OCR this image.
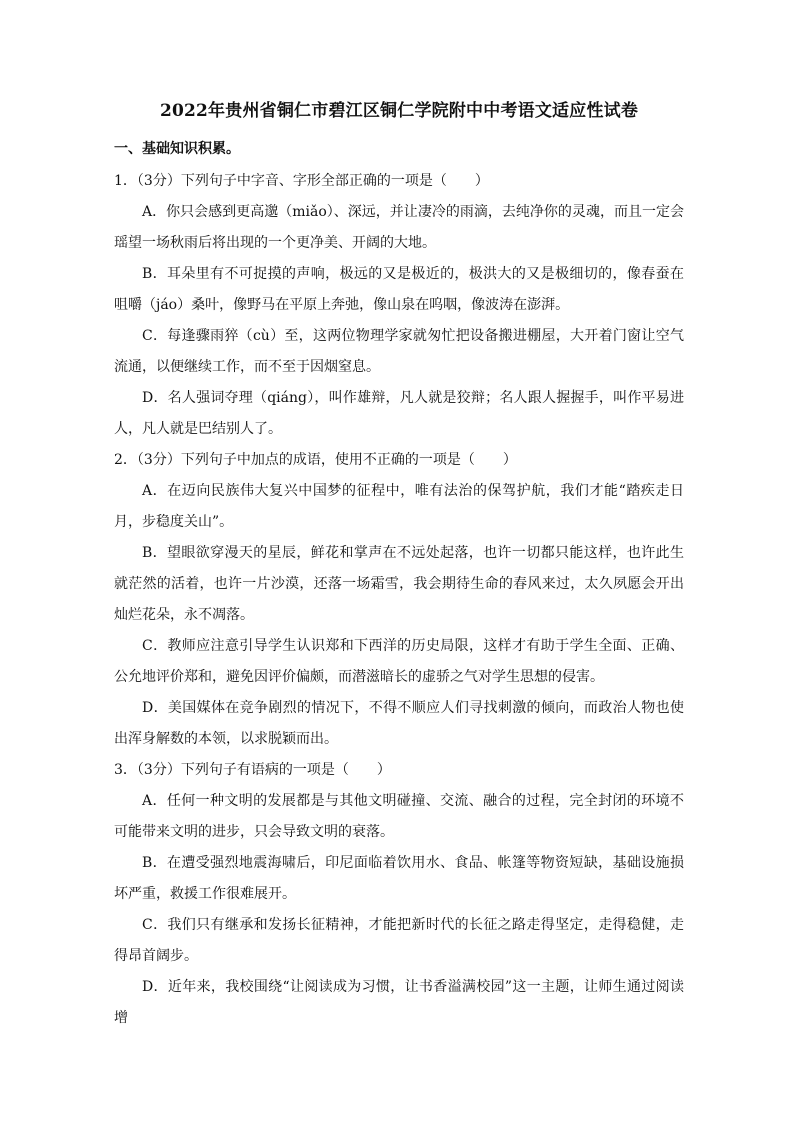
2022年贵州省铜仁市碧江区铜仁学院附中中考语文适应性试卷
一、基础知识积累。

1．（3分）下列句子中字音、字形全部正确的一项是（　　）

A．你只会感到更高邈（miǎo）、深远，并让凄冷的雨滴，去纯净你的灵魂，而且一定会瑶望一场秋雨后将出现的一个更净美、开阔的大地。

B．耳朵里有不可捉摸的声响，极远的又是极近的，极洪大的又是极细切的，像春蚕在咀嚼（jáo）桑叶，像野马在平原上奔弛，像山泉在呜咽，像波涛在澎湃。

C．每逢骤雨猝（cù）至，这两位物理学家就匆忙把设备搬进棚屋，大开着门窗让空气流通，以便继续工作，而不至于因烟窒息。

D．名人强词夺理（qiáng），叫作雄辩，凡人就是狡辩；名人跟人握握手，叫作平易进人，凡人就是巴结别人了。

2．（3分）下列句子中加点的成语，使用不正确的一项是（　　）

A．在迈向民族伟大复兴中国梦的征程中，唯有法治的保驾护航，我们才能“踏疾走日月，步稳度关山”。

B．望眼欲穿漫天的星辰，鲜花和掌声在不远处起落，也许一切都只能这样，也许此生就茫然的活着，也许一片沙漠，还落一场霜雪，我会期待生命的春风来过，太久夙愿会开出灿烂花朵，永不凋落。

C．教师应注意引导学生认识郑和下西洋的历史局限，这样才有助于学生全面、正确、公允地评价郑和，避免因评价偏颇，而潜滋暗长的虚骄之气对学生思想的侵害。

D．美国媒体在竞争剧烈的情况下，不得不顺应人们寻找刺激的倾向，而政治人物也使出浑身解数的本领，以求脱颖而出。

3．（3分）下列句子有语病的一项是（　　）

A．任何一种文明的发展都是与其他文明碰撞、交流、融合的过程，完全封闭的环境不可能带来文明的进步，只会导致文明的衰落。

B．在遭受强烈地震海啸后，印尼面临着饮用水、食品、帐篷等物资短缺，基础设施损坏严重，救援工作很难展开。

C．我们只有继承和发扬长征精神，才能把新时代的长征之路走得坚定，走得稳健，走得昂首阔步。

D．近年来，我校围绕“让阅读成为习惯，让书香溢满校园”这一主题，让师生通过阅读增
